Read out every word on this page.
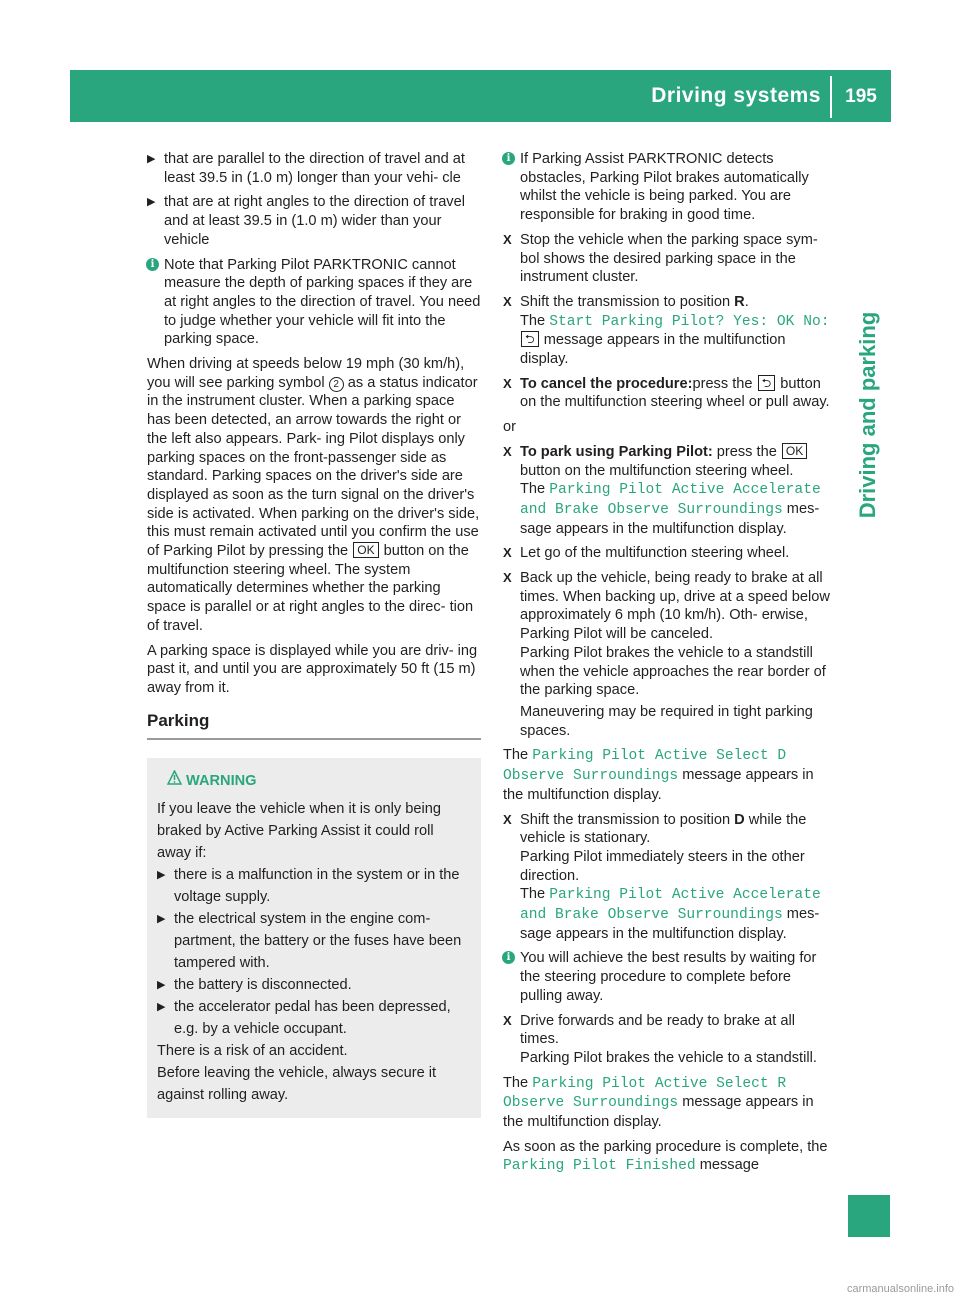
Driving systems	195
Driving and parking
▶ that are parallel to the direction of travel and at least 39.5 in (1.0 m) longer than your vehi- cle
▶ that are at right angles to the direction of travel and at least 39.5 in (1.0 m) wider than your vehicle
i Note that Parking Pilot PARKTRONIC cannot measure the depth of parking spaces if they are at right angles to the direction of travel. You need to judge whether your vehicle will fit into the parking space.
When driving at speeds below 19 mph (30 km/h), you will see parking symbol 2 as a status indicator in the instrument cluster. When a parking space has been detected, an arrow towards the right or the left also appears. Park- ing Pilot displays only parking spaces on the front-passenger side as standard. Parking spaces on the driver's side are displayed as soon as the turn signal on the driver's side is activated. When parking on the driver's side, this must remain activated until you confirm the use of Parking Pilot by pressing the OK button on the multifunction steering wheel. The system automatically determines whether the parking space is parallel or at right angles to the direc- tion of travel.
A parking space is displayed while you are driv- ing past it, and until you are approximately 50 ft (15 m) away from it.
Parking
WARNING
If you leave the vehicle when it is only being braked by Active Parking Assist it could roll away if:
▶ there is a malfunction in the system or in the voltage supply.
▶ the electrical system in the engine com- partment, the battery or the fuses have been tampered with.
▶ the battery is disconnected.
▶ the accelerator pedal has been depressed, e.g. by a vehicle occupant.
There is a risk of an accident.
Before leaving the vehicle, always secure it against rolling away.
i If Parking Assist PARKTRONIC detects obstacles, Parking Pilot brakes automatically whilst the vehicle is being parked. You are responsible for braking in good time.
X Stop the vehicle when the parking space sym- bol shows the desired parking space in the instrument cluster.
X Shift the transmission to position R.
The Start Parking Pilot? Yes: OK No:
⮌ message appears in the multifunction display.
X To cancel the procedure:press the ⮌ button on the multifunction steering wheel or pull away.
or
X To park using Parking Pilot: press the OK button on the multifunction steering wheel.
The Parking Pilot Active Accelerate and Brake Observe Surroundings mes- sage appears in the multifunction display.
X Let go of the multifunction steering wheel.
X Back up the vehicle, being ready to brake at all times. When backing up, drive at a speed below approximately 6 mph (10 km/h). Oth- erwise, Parking Pilot will be canceled.
Parking Pilot brakes the vehicle to a standstill when the vehicle approaches the rear border of the parking space.
Maneuvering may be required in tight parking spaces.
The Parking Pilot Active Select D Observe Surroundings message appears in the multifunction display.
X Shift the transmission to position D while the vehicle is stationary.
Parking Pilot immediately steers in the other direction.
The Parking Pilot Active Accelerate and Brake Observe Surroundings mes- sage appears in the multifunction display.
i You will achieve the best results by waiting for the steering procedure to complete before pulling away.
X Drive forwards and be ready to brake at all times.
Parking Pilot brakes the vehicle to a standstill.
The Parking Pilot Active Select R Observe Surroundings message appears in the multifunction display.
As soon as the parking procedure is complete, the Parking Pilot Finished message
carmanualsonline.info
